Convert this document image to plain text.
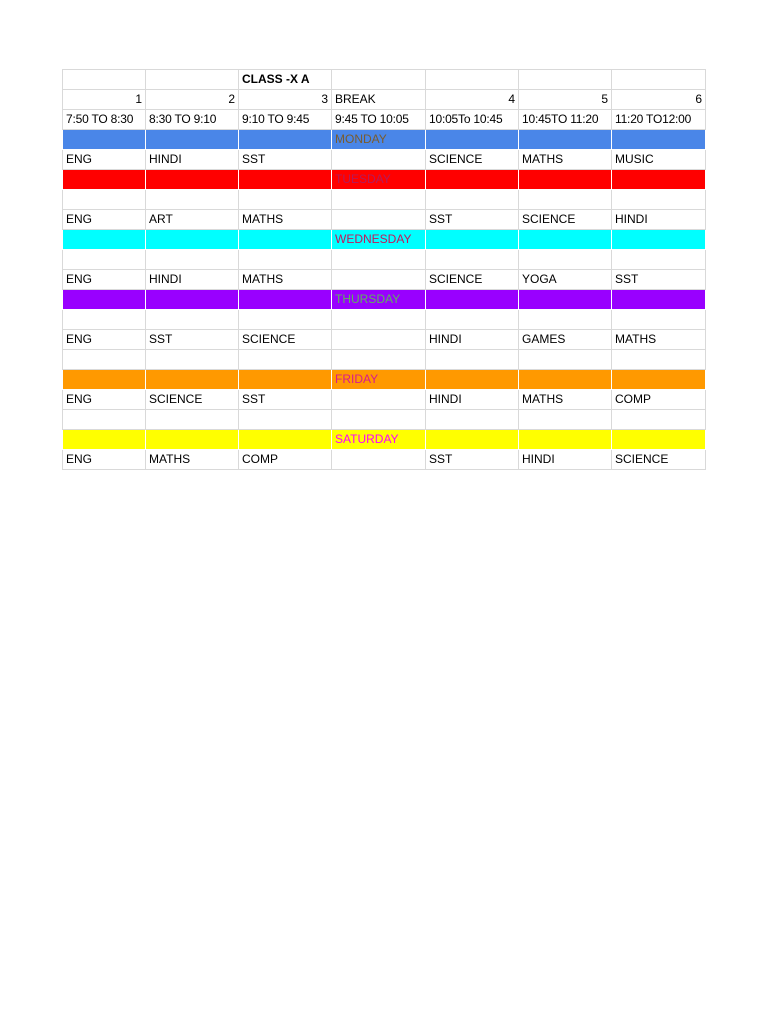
		CLASS -X A				
1	2	3	BREAK	4	5	6
7:50 TO 8:30	8:30 TO 9:10	9:10 TO 9:45	9:45 TO 10:05	10:05To 10:45	10:45TO 11:20	11:20 TO12:00
			MONDAY			
ENG	HINDI	SST		SCIENCE	MATHS	MUSIC
			TUESDAY			

ENG	ART	MATHS		SST	SCIENCE	HINDI
			WEDNESDAY			

ENG	HINDI	MATHS		SCIENCE	YOGA	SST
			THURSDAY			

ENG	SST	SCIENCE		HINDI	GAMES	MATHS

			FRIDAY			
ENG	SCIENCE	SST		HINDI	MATHS	COMP

			SATURDAY			
ENG	MATHS	COMP		SST	HINDI	SCIENCE
